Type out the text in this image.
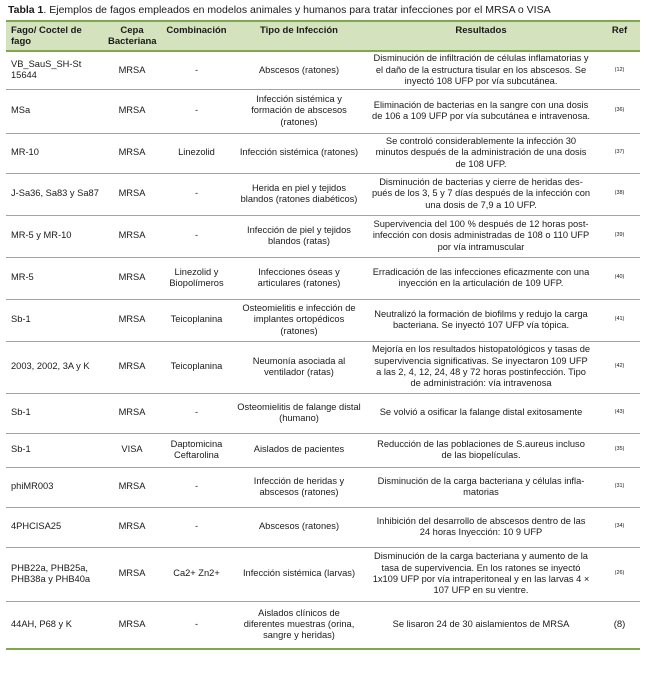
Tabla 1. Ejemplos de fagos empleados en modelos animales y humanos para tratar infecciones por el MRSA o VISA
Fago/ Coctel de fago	Cepa Bacteriana	Combinación	Tipo de Infección	Resultados	Ref
VB_SauS_SH-St 15644	MRSA	-	Abscesos (ratones)	Disminución de infiltración de células inflamatorias y el daño de la estructura tisular en los abscesos. Se inyectó 108 UFP por vía subcutánea.	(12)
MSa	MRSA	-	Infección sistémica y formación de abscesos (ratones)	Eliminación de bacterias en la sangre con una dosis de 106 a 109 UFP por vía subcutánea e intravenosa.	(36)
MR-10	MRSA	Linezolid	Infección sistémica (ratones)	Se controló considerablemente la infección 30 minutos después de la administración de una dosis de 108 UFP.	(37)
J-Sa36, Sa83 y Sa87	MRSA	-	Herida en piel y tejidos blandos (ratones diabéticos)	Disminución de bacterias y cierre de heridas des-pués de los 3, 5 y 7 días después de la infección con una dosis de 7,9 a 10 UFP.	(38)
MR-5 y MR-10	MRSA	-	Infección de piel y tejidos blandos (ratas)	Supervivencia del 100 % después de 12 horas post-infección con dosis administradas de 108 o 110 UFP por vía intramuscular	(39)
MR-5	MRSA	Linezolid y Biopolímeros	Infecciones óseas y articulares (ratones)	Erradicación de las infecciones eficazmente con una inyección en la articulación de 109 UFP.	(40)
Sb-1	MRSA	Teicoplanina	Osteomielitis e infección de implantes ortopédicos (ratones)	Neutralizó la formación de biofilms y redujo la carga bacteriana. Se inyectó 107 UFP vía tópica.	(41)
2003, 2002, 3A y K	MRSA	Teicoplanina	Neumonía asociada al ventilador (ratas)	Mejoría en los resultados histopatológicos y tasas de supervivencia significativas. Se inyectaron 109 UFP a las 2, 4, 12, 24, 48 y 72 horas postinfección. Tipo de administración: vía intravenosa	(42)
Sb-1	MRSA	-	Osteomielitis de falange distal (humano)	Se volvió a osificar la falange distal exitosamente	(43)
Sb-1	VISA	Daptomicina Ceftarolina	Aislados de pacientes	Reducción de las poblaciones de S.aureus incluso de las biopelículas.	(35)
phiMR003	MRSA	-	Infección de heridas y abscesos (ratones)	Disminución de la carga bacteriana y células infla-matorias	(31)
4PHCISA25	MRSA	-	Abscesos (ratones)	Inhibición del desarrollo de abscesos dentro de las 24 horas Inyección: 10 9 UFP	(34)
PHB22a, PHB25a, PHB38a y PHB40a	MRSA	Ca2+ Zn2+	Infección sistémica (larvas)	Disminución de la carga bacteriana y aumento de la tasa de supervivencia. En los ratones se inyectó 1x109 UFP por vía intraperitoneal y en las larvas 4 × 107 UFP en su vientre.	(26)
44AH, P68 y K	MRSA	-	Aislados clínicos de diferentes muestras (orina, sangre y heridas)	Se lisaron 24 de 30 aislamientos de MRSA	(8)
